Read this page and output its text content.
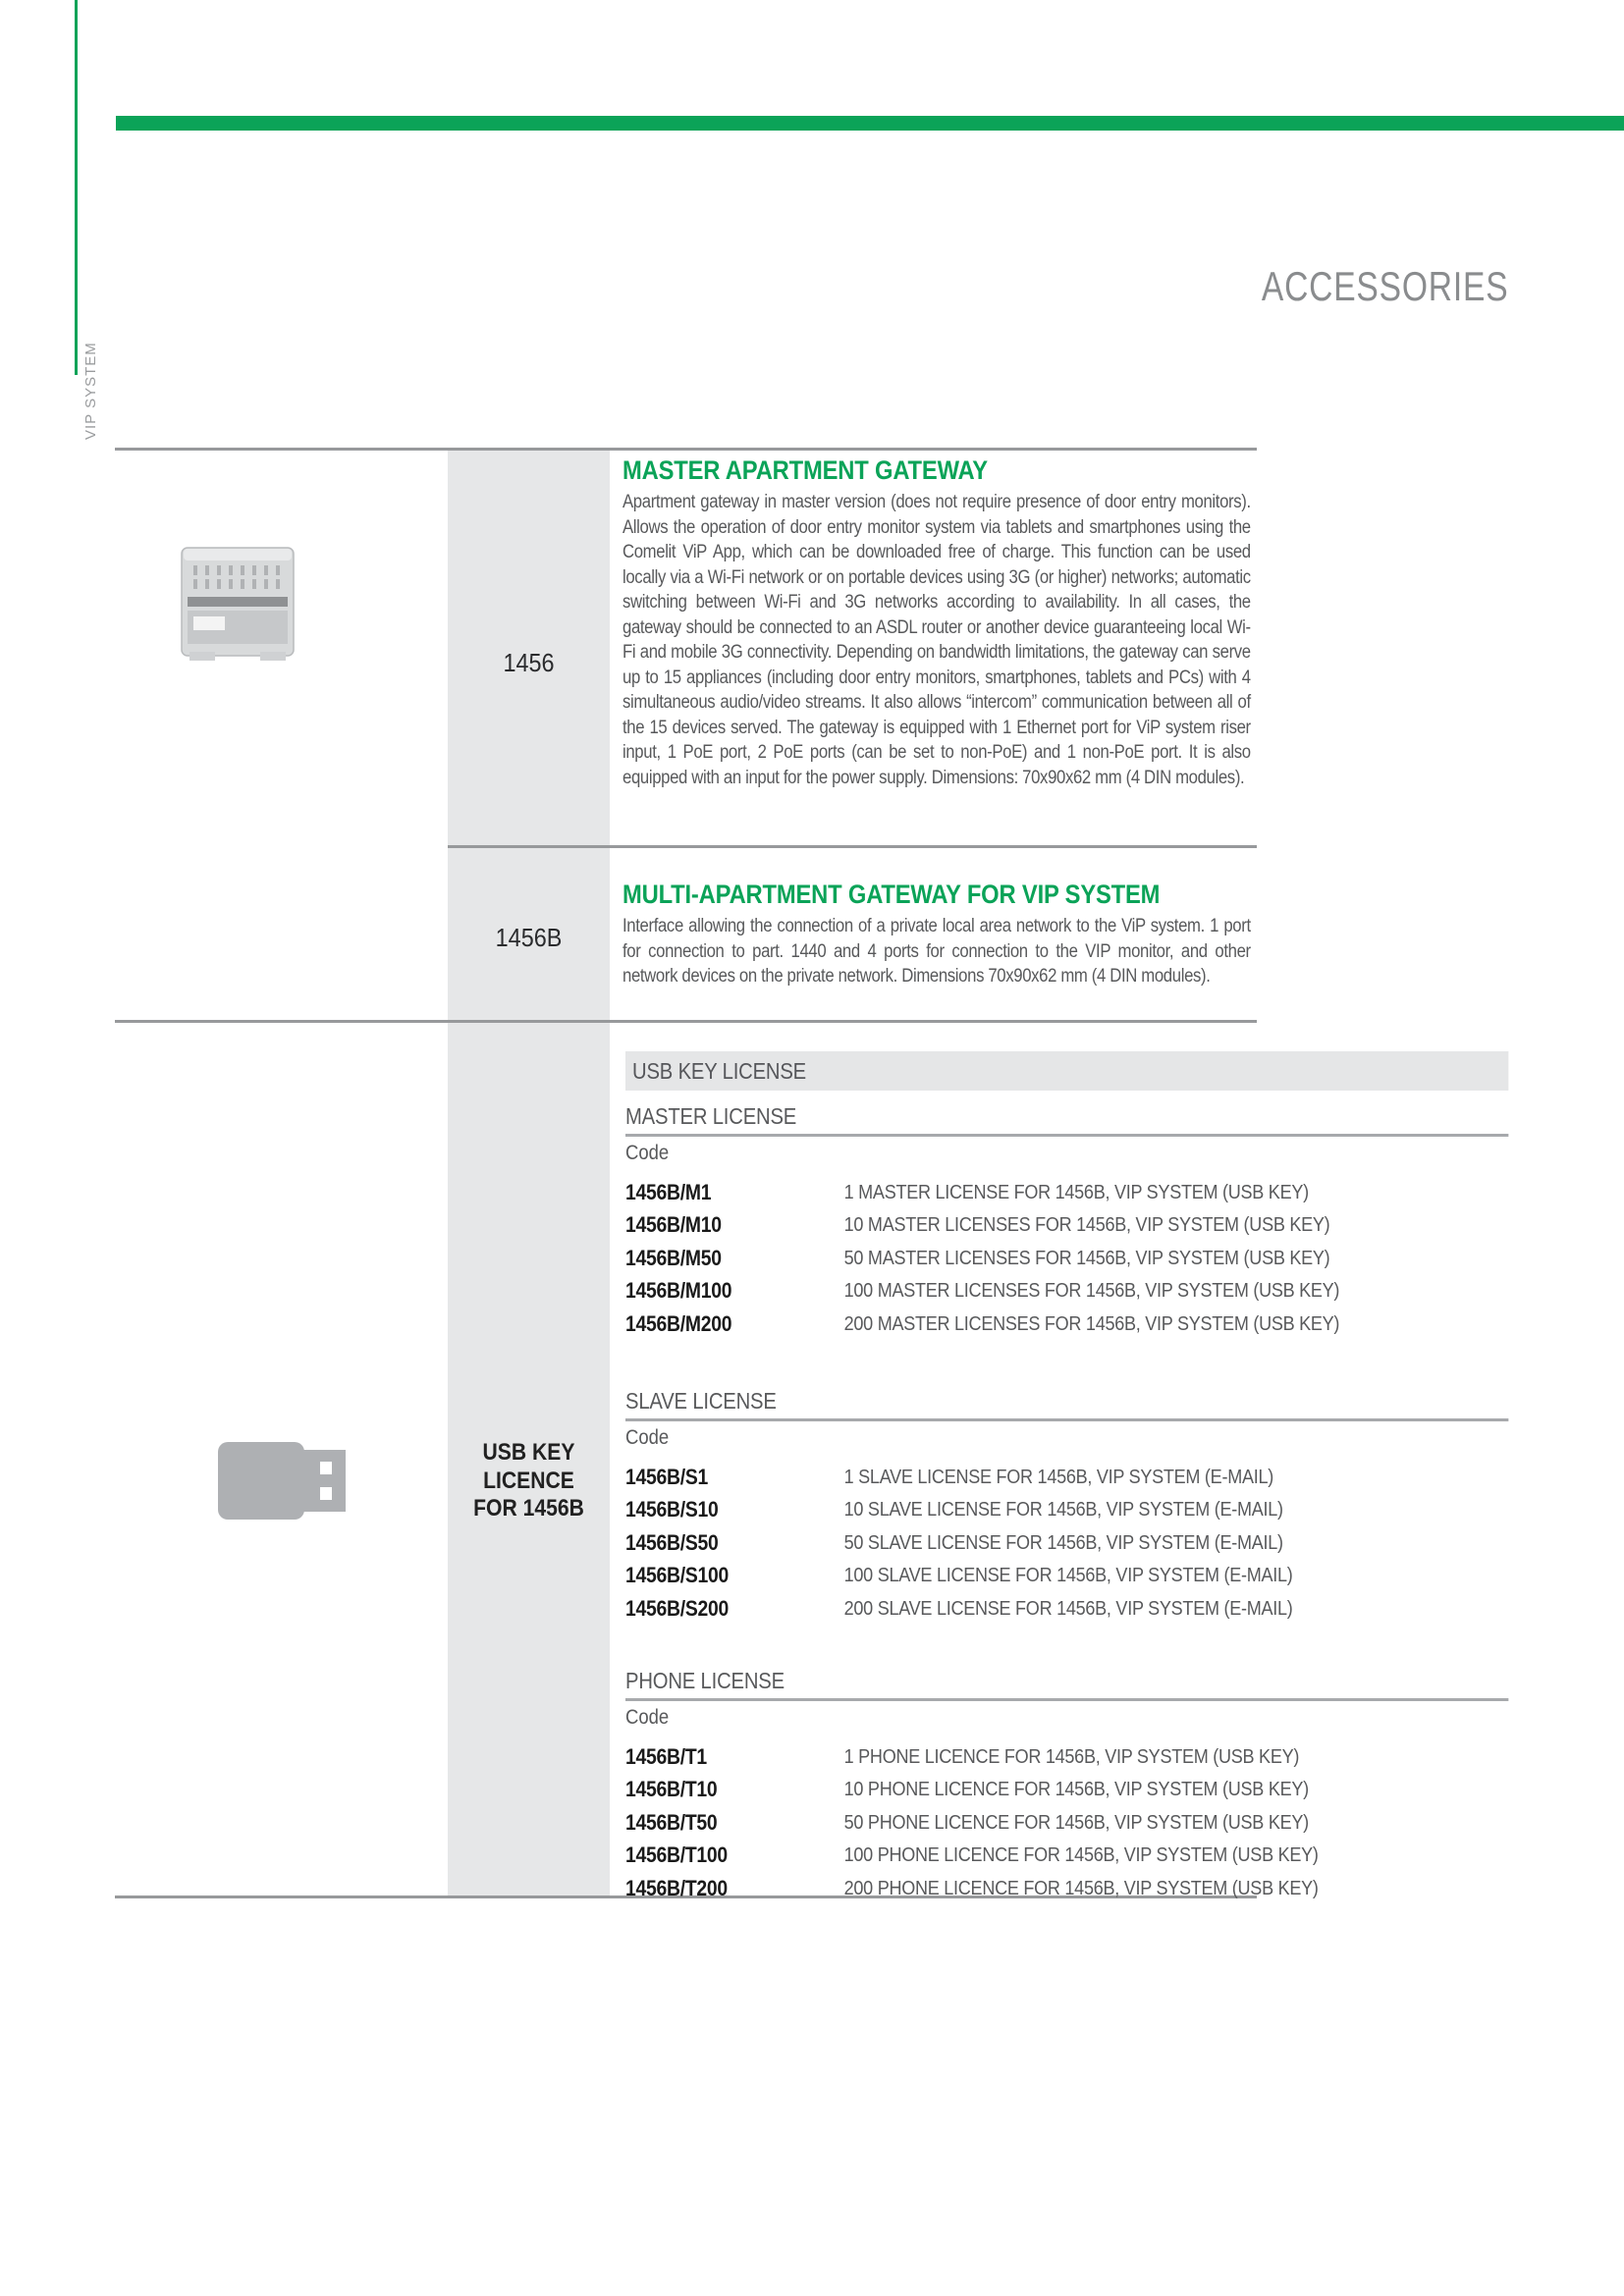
VIP SYSTEM
ACCESSORIES
1456
MASTER APARTMENT GATEWAY
Apartment gateway in master version (does not require presence of door entry monitors). Allows the operation of door entry monitor system via tablets and smartphones using the Comelit ViP App, which can be downloaded free of charge. This function can be used locally via a Wi-Fi network or on portable devices using 3G (or higher) networks; automatic switching between Wi-Fi and 3G networks according to availability. In all cases, the gateway should be connected to an ASDL router or another device guaranteeing local Wi-Fi and mobile 3G connectivity. Depending on bandwidth limitations, the gateway can serve up to 15 appliances (including door entry monitors, smartphones, tablets and PCs) with 4 simultaneous audio/video streams. It also allows “intercom” communication between all of the 15 devices served. The gateway is equipped with 1 Ethernet port for ViP system riser input, 1 PoE port, 2 PoE ports (can be set to non-PoE) and 1 non-PoE port. It is also equipped with an input for the power supply. Dimensions: 70x90x62 mm (4 DIN modules).
1456B
MULTI-APARTMENT GATEWAY FOR VIP SYSTEM
Interface allowing the connection of a private local area network to the ViP system. 1 port for connection to part. 1440 and 4 ports for connection to the VIP monitor, and other network devices on the private network. Dimensions 70x90x62 mm (4 DIN modules).
USB KEY
LICENCE
FOR 1456B
USB KEY LICENSE
MASTER LICENSE
Code
1456B/M1	1 MASTER LICENSE FOR 1456B, VIP SYSTEM (USB KEY)
1456B/M10	10 MASTER LICENSES FOR 1456B, VIP SYSTEM (USB KEY)
1456B/M50	50 MASTER LICENSES FOR 1456B, VIP SYSTEM (USB KEY)
1456B/M100	100 MASTER LICENSES FOR 1456B, VIP SYSTEM (USB KEY)
1456B/M200	200 MASTER LICENSES FOR 1456B, VIP SYSTEM (USB KEY)
SLAVE LICENSE
Code
1456B/S1	1 SLAVE LICENSE FOR 1456B, VIP SYSTEM (E-MAIL)
1456B/S10	10 SLAVE LICENSE FOR 1456B, VIP SYSTEM (E-MAIL)
1456B/S50	50 SLAVE LICENSE FOR 1456B, VIP SYSTEM (E-MAIL)
1456B/S100	100 SLAVE LICENSE FOR 1456B, VIP SYSTEM (E-MAIL)
1456B/S200	200 SLAVE LICENSE FOR 1456B, VIP SYSTEM (E-MAIL)
PHONE LICENSE
Code
1456B/T1	1 PHONE LICENCE FOR 1456B, VIP SYSTEM (USB KEY)
1456B/T10	10 PHONE LICENCE FOR 1456B, VIP SYSTEM (USB KEY)
1456B/T50	50 PHONE LICENCE FOR 1456B, VIP SYSTEM (USB KEY)
1456B/T100	100 PHONE LICENCE FOR 1456B, VIP SYSTEM (USB KEY)
1456B/T200	200 PHONE LICENCE FOR 1456B, VIP SYSTEM (USB KEY)
